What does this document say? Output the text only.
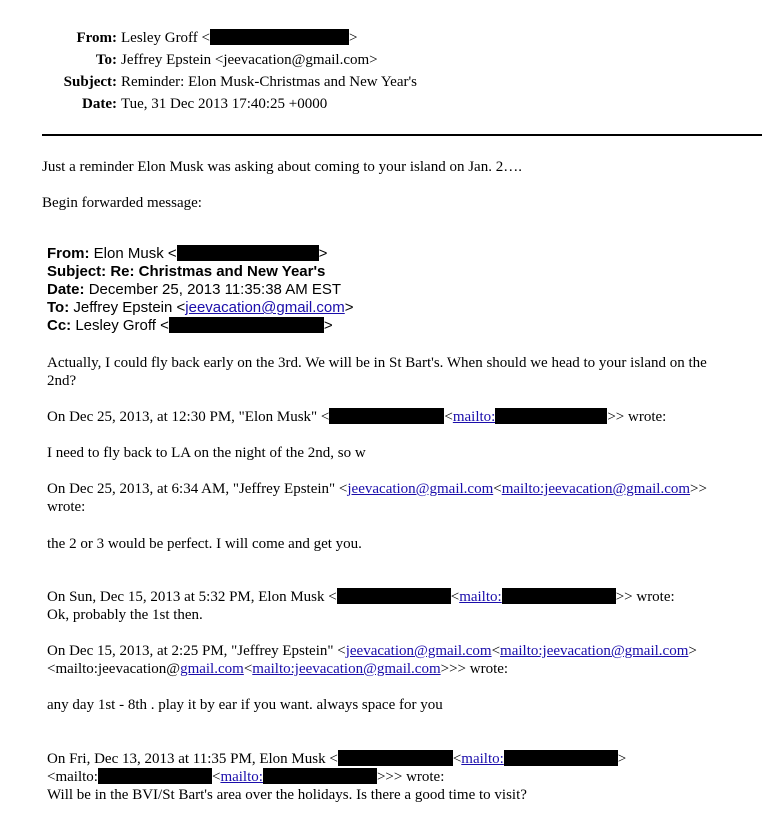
From: Lesley Groff <	>
To: Jeffrey Epstein <jeevacation@gmail.com>
Subject: Reminder: Elon Musk-Christmas and New Year's
Date: Tue, 31 Dec 2013 17:40:25 +0000
Just a reminder Elon Musk was asking about coming to your island on Jan. 2….
Begin forwarded message:
From: Elon Musk <	>
Subject: Re: Christmas and New Year's
Date: December 25, 2013 11:35:38 AM EST
To: Jeffrey Epstein <jeevacation@gmail.com>
Cc: Lesley Groff <	>
Actually, I could fly back early on the 3rd. We will be in St Bart's. When should we head to your island on the
2nd?
On Dec 25, 2013, at 12:30 PM, "Elon Musk" <	<mailto:	>> wrote:
I need to fly back to LA on the night of the 2nd, so w
On Dec 25, 2013, at 6:34 AM, "Jeffrey Epstein" <jeevacation@gmail.com<mailto:jeevacation@gmail.com>>
wrote:
the 2 or 3 would be perfect. I will come and get you.
On Sun, Dec 15, 2013 at 5:32 PM, Elon Musk <	<mailto:	>> wrote:
Ok, probably the 1st then.
On Dec 15, 2013, at 2:25 PM, "Jeffrey Epstein" <jeevacation@gmail.com<mailto:jeevacation@gmail.com>
<mailto:jeevacation@gmail.com<mailto:jeevacation@gmail.com>>> wrote:
any day 1st - 8th . play it by ear if you want. always space for you
On Fri, Dec 13, 2013 at 11:35 PM, Elon Musk <	<mailto:	>
<mailto:	<mailto:	>>> wrote:
Will be in the BVI/St Bart's area over the holidays. Is there a good time to visit?
